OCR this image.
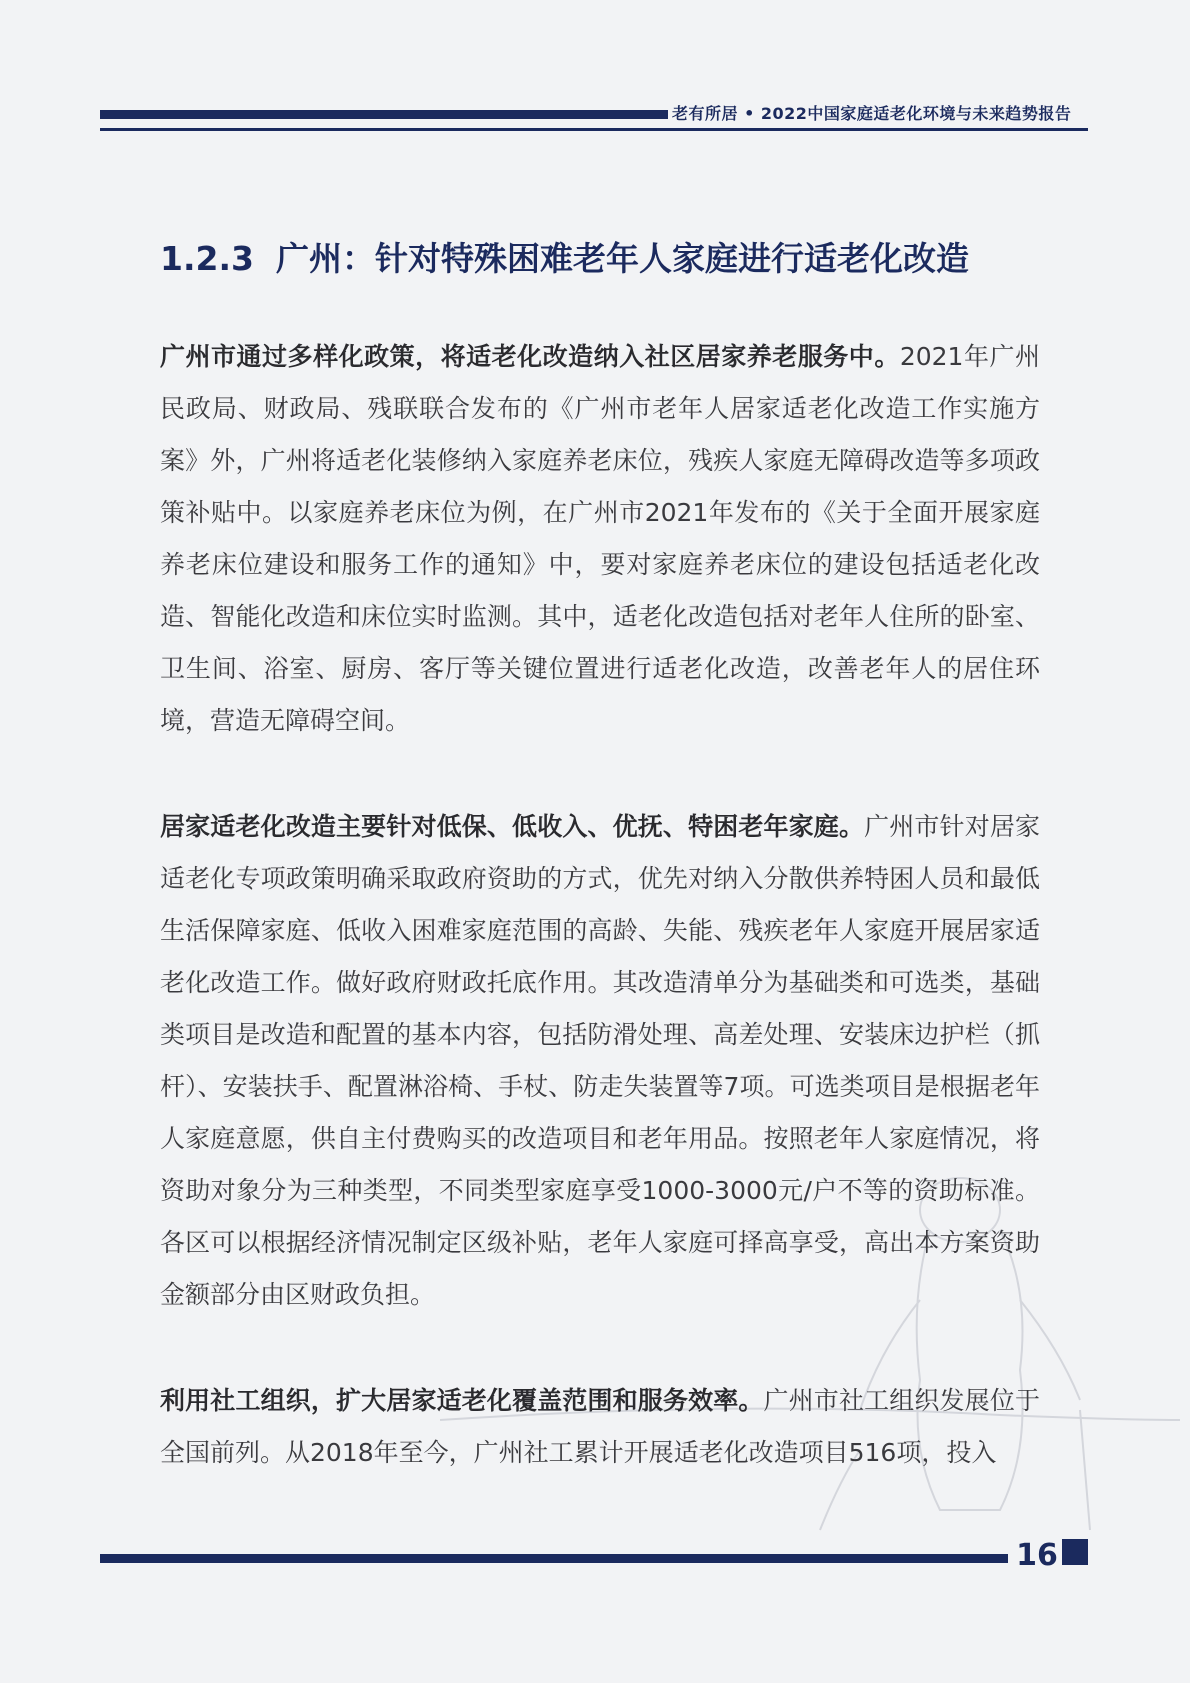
老有所居 • 2022中国家庭适老化环境与未来趋势报告
1.2.3 广州：针对特殊困难老年人家庭进行适老化改造

广州市通过多样化政策，将适老化改造纳入社区居家养老服务中。2021年广州民政局、财政局、残联联合发布的《广州市老年人居家适老化改造工作实施方案》外，广州将适老化装修纳入家庭养老床位，残疾人家庭无障碍改造等多项政策补贴中。以家庭养老床位为例，在广州市2021年发布的《关于全面开展家庭养老床位建设和服务工作的通知》中，要对家庭养老床位的建设包括适老化改造、智能化改造和床位实时监测。其中，适老化改造包括对老年人住所的卧室、卫生间、浴室、厨房、客厅等关键位置进行适老化改造，改善老年人的居住环境，营造无障碍空间。

居家适老化改造主要针对低保、低收入、优抚、特困老年家庭。广州市针对居家适老化专项政策明确采取政府资助的方式，优先对纳入分散供养特困人员和最低生活保障家庭、低收入困难家庭范围的高龄、失能、残疾老年人家庭开展居家适老化改造工作。做好政府财政托底作用。其改造清单分为基础类和可选类，基础类项目是改造和配置的基本内容，包括防滑处理、高差处理、安装床边护栏（抓杆）、安装扶手、配置淋浴椅、手杖、防走失装置等7项。可选类项目是根据老年人家庭意愿，供自主付费购买的改造项目和老年用品。按照老年人家庭情况，将资助对象分为三种类型，不同类型家庭享受1000-3000元/户不等的资助标准。各区可以根据经济情况制定区级补贴，老年人家庭可择高享受，高出本方案资助金额部分由区财政负担。

利用社工组织，扩大居家适老化覆盖范围和服务效率。广州市社工组织发展位于全国前列。从2018年至今，广州社工累计开展适老化改造项目516项，投入

16
